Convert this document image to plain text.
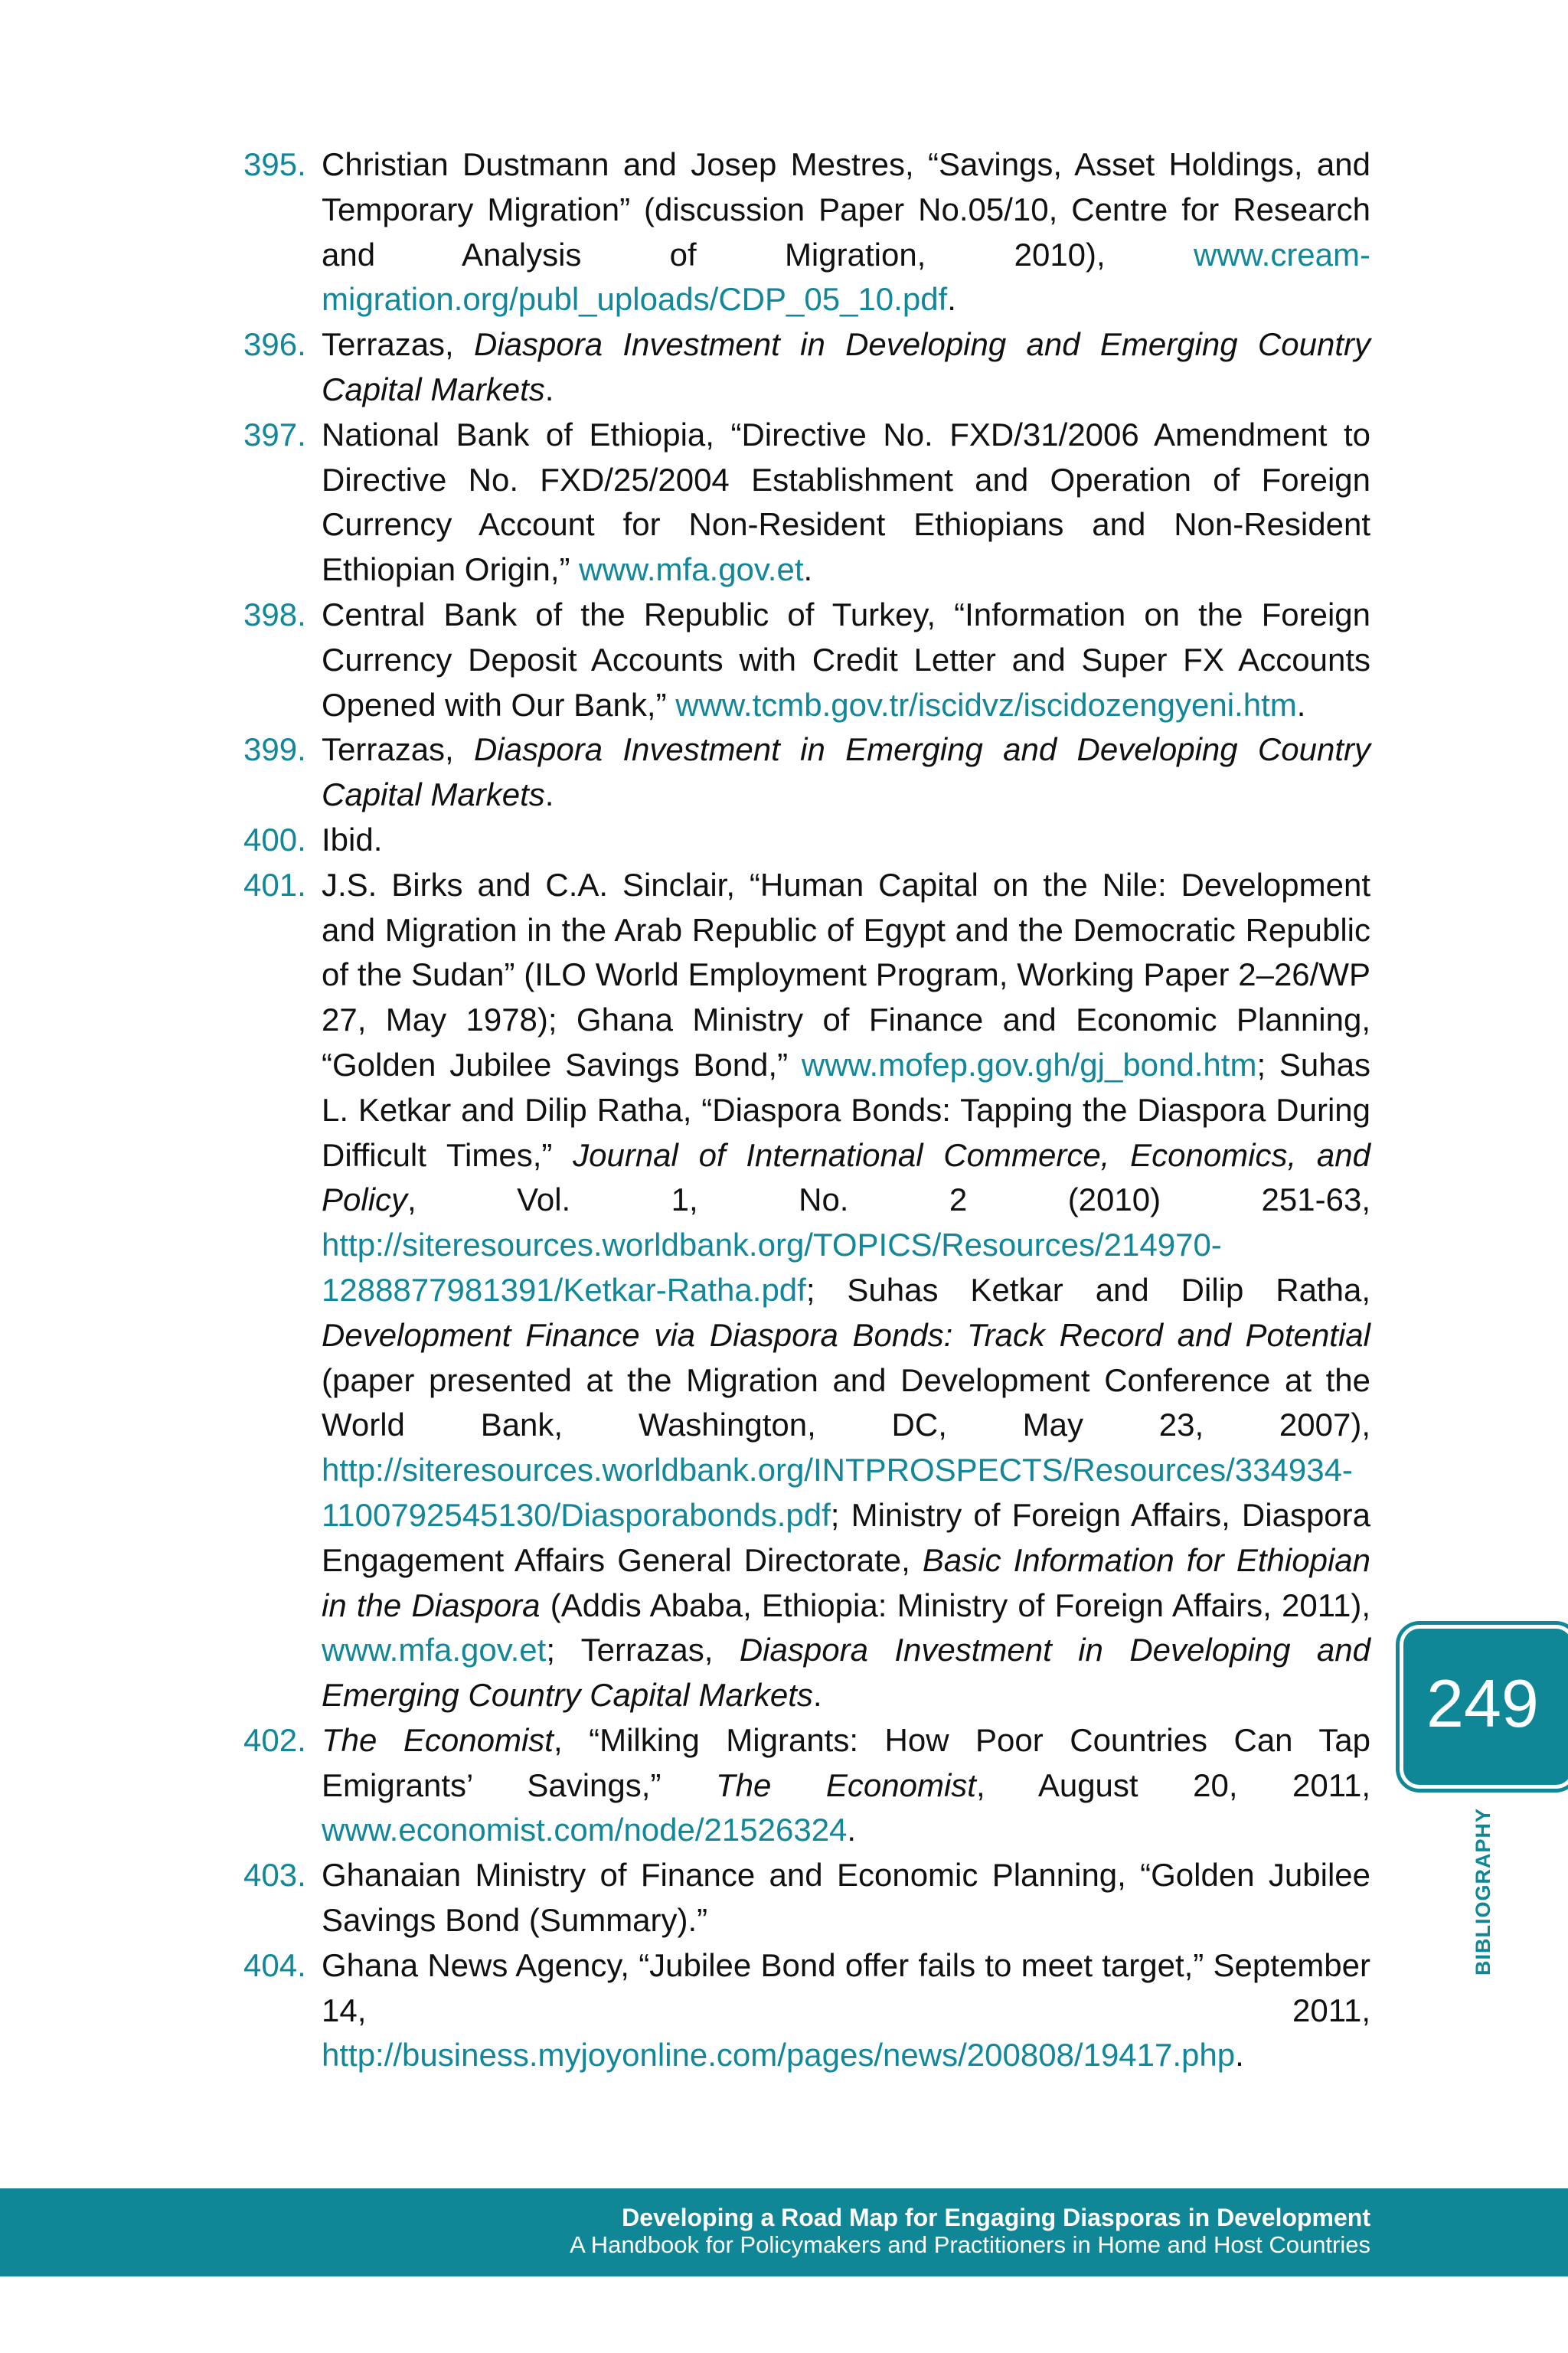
395. Christian Dustmann and Josep Mestres, “Savings, Asset Holdings, and Temporary Migration” (discussion Paper No.05/10, Centre for Research and Analysis of Migration, 2010), www.cream-migration.org/publ_uploads/CDP_05_10.pdf.
396. Terrazas, Diaspora Investment in Developing and Emerging Country Capital Markets.
397. National Bank of Ethiopia, “Directive No. FXD/31/2006 Amendment to Directive No. FXD/25/2004 Establishment and Operation of Foreign Currency Account for Non-Resident Ethiopians and Non-Resident Ethiopian Origin,” www.mfa.gov.et.
398. Central Bank of the Republic of Turkey, “Information on the Foreign Currency Deposit Accounts with Credit Letter and Super FX Accounts Opened with Our Bank,” www.tcmb.gov.tr/iscidvz/iscidozengyeni.htm.
399. Terrazas, Diaspora Investment in Emerging and Developing Country Capital Markets.
400. Ibid.
401. J.S. Birks and C.A. Sinclair, “Human Capital on the Nile: Development and Migration in the Arab Republic of Egypt and the Democratic Republic of the Sudan” (ILO World Employment Program, Working Paper 2–26/WP 27, May 1978); Ghana Ministry of Finance and Economic Planning, “Golden Jubilee Savings Bond,” www.mofep.gov.gh/gj_bond.htm; Suhas L. Ketkar and Dilip Ratha, “Diaspora Bonds: Tapping the Diaspora During Difficult Times,” Journal of International Commerce, Economics, and Policy, Vol. 1, No. 2 (2010) 251-63, http://siteresources.worldbank.org/TOPICS/Resources/214970-1288877981391/Ketkar-Ratha.pdf; Suhas Ketkar and Dilip Ratha, Development Finance via Diaspora Bonds: Track Record and Potential (paper presented at the Migration and Development Conference at the World Bank, Washington, DC, May 23, 2007), http://siteresources.worldbank.org/INTPROSPECTS/Resources/334934-1100792545130/Diasporabonds.pdf; Ministry of Foreign Affairs, Diaspora Engagement Affairs General Directorate, Basic Information for Ethiopian in the Diaspora (Addis Ababa, Ethiopia: Ministry of Foreign Affairs, 2011), www.mfa.gov.et; Terrazas, Diaspora Investment in Developing and Emerging Country Capital Markets.
402. The Economist, “Milking Migrants: How Poor Countries Can Tap Emigrants’ Savings,” The Economist, August 20, 2011, www.economist.com/node/21526324.
403. Ghanaian Ministry of Finance and Economic Planning, “Golden Jubilee Savings Bond (Summary).”
404. Ghana News Agency, “Jubilee Bond offer fails to meet target,” September 14, 2011, http://business.myjoyonline.com/pages/news/200808/19417.php.
249
BIBLIOGRAPHY
Developing a Road Map for Engaging Diasporas in Development
A Handbook for Policymakers and Practitioners in Home and Host Countries
